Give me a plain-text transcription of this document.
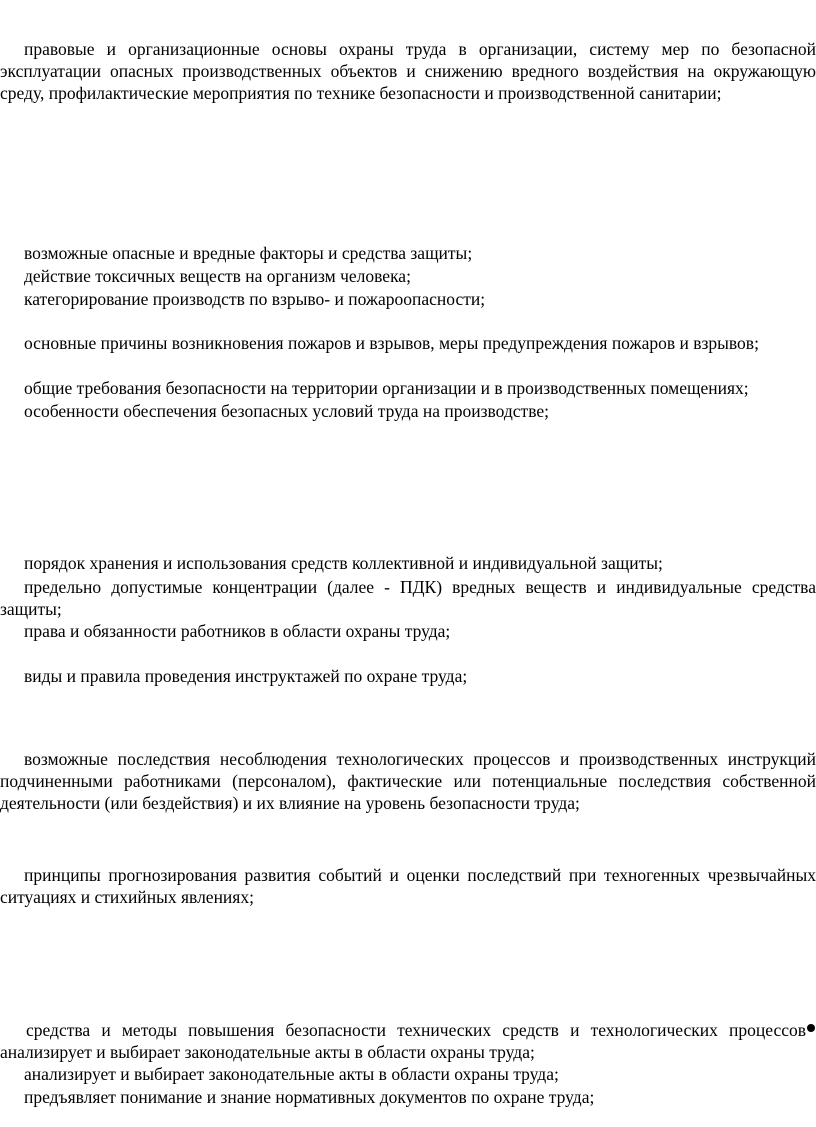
правовые и организационные основы охраны труда в организации, систему мер по безопасной эксплуатации опасных производственных объектов и снижению вредного воздействия на окружающую среду, профилактические мероприятия по технике безопасности и производственной санитарии;

возможные опасные и вредные факторы и средства защиты;

действие токсичных веществ на организм человека;

категорирование производств по взрыво- и пожароопасности;

основные причины возникновения пожаров и взрывов, меры предупреждения пожаров и взрывов;

общие требования безопасности на территории организации и в производственных помещениях;

особенности обеспечения безопасных условий труда на производстве;

порядок хранения и использования средств коллективной и индивидуальной защиты;

предельно допустимые концентрации (далее - ПДК) вредных веществ и индивидуальные средства защиты;

права и обязанности работников в области охраны труда;

виды и правила проведения инструктажей по охране труда;

возможные последствия несоблюдения технологических процессов и производственных инструкций подчиненными работниками (персоналом), фактические или потенциальные последствия собственной деятельности (или бездействия) и их влияние на уровень безопасности труда;

принципы прогнозирования развития событий и оценки последствий при техногенных чрезвычайных ситуациях и стихийных явлениях;

средства и методы повышения безопасности технических средств и технологических процессов анализирует и выбирает законодательные акты в области охраны труда;

анализирует и выбирает законодательные акты в области охраны труда;

предъявляет понимание и знание нормативных документов по охране труда;
